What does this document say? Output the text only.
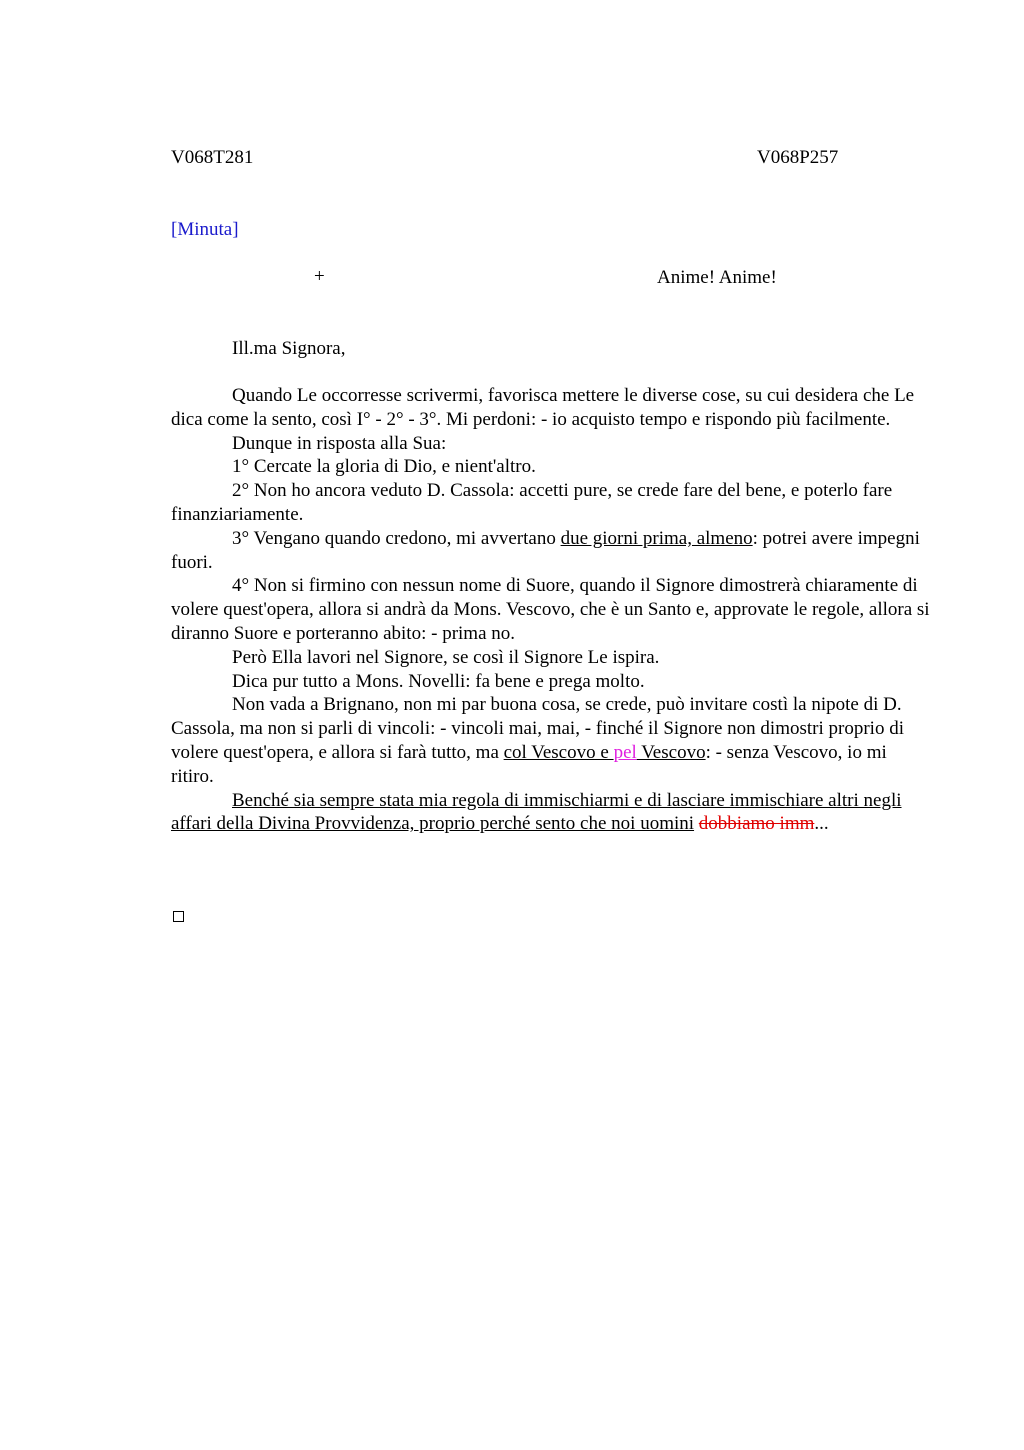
V068T281	V068P257
[Minuta]
+	Anime! Anime!
Ill.ma Signora,

Quando Le occorresse scrivermi, favorisca mettere le diverse cose, su cui desidera che Le dica come la sento, così I° - 2° - 3°. Mi perdoni: - io acquisto tempo e rispondo più facilmente.

Dunque in risposta alla Sua:

1° Cercate la gloria di Dio, e nient'altro.

2° Non ho ancora veduto D. Cassola: accetti pure, se crede fare del bene, e poterlo fare finanziariamente.

3° Vengano quando credono, mi avvertano due giorni prima, almeno: potrei avere impegni fuori.

4° Non si firmino con nessun nome di Suore, quando il Signore dimostrerà chiaramente di volere quest'opera, allora si andrà da Mons. Vescovo, che è un Santo e, approvate le regole, allora si diranno Suore e porteranno abito: - prima no.

Però Ella lavori nel Signore, se così il Signore Le ispira.

Dica pur tutto a Mons. Novelli: fa bene e prega molto.

Non vada a Brignano, non mi par buona cosa, se crede, può invitare costì la nipote di D. Cassola, ma non si parli di vincoli: - vincoli mai, mai, - finché il Signore non dimostri proprio di volere quest'opera, e allora si farà tutto, ma col Vescovo e pel Vescovo: - senza Vescovo, io mi ritiro.

Benché sia sempre stata mia regola di immischiarmi e di lasciare immischiare altri negli affari della Divina Provvidenza, proprio perché sento che noi uomini dobbiamo imm...
